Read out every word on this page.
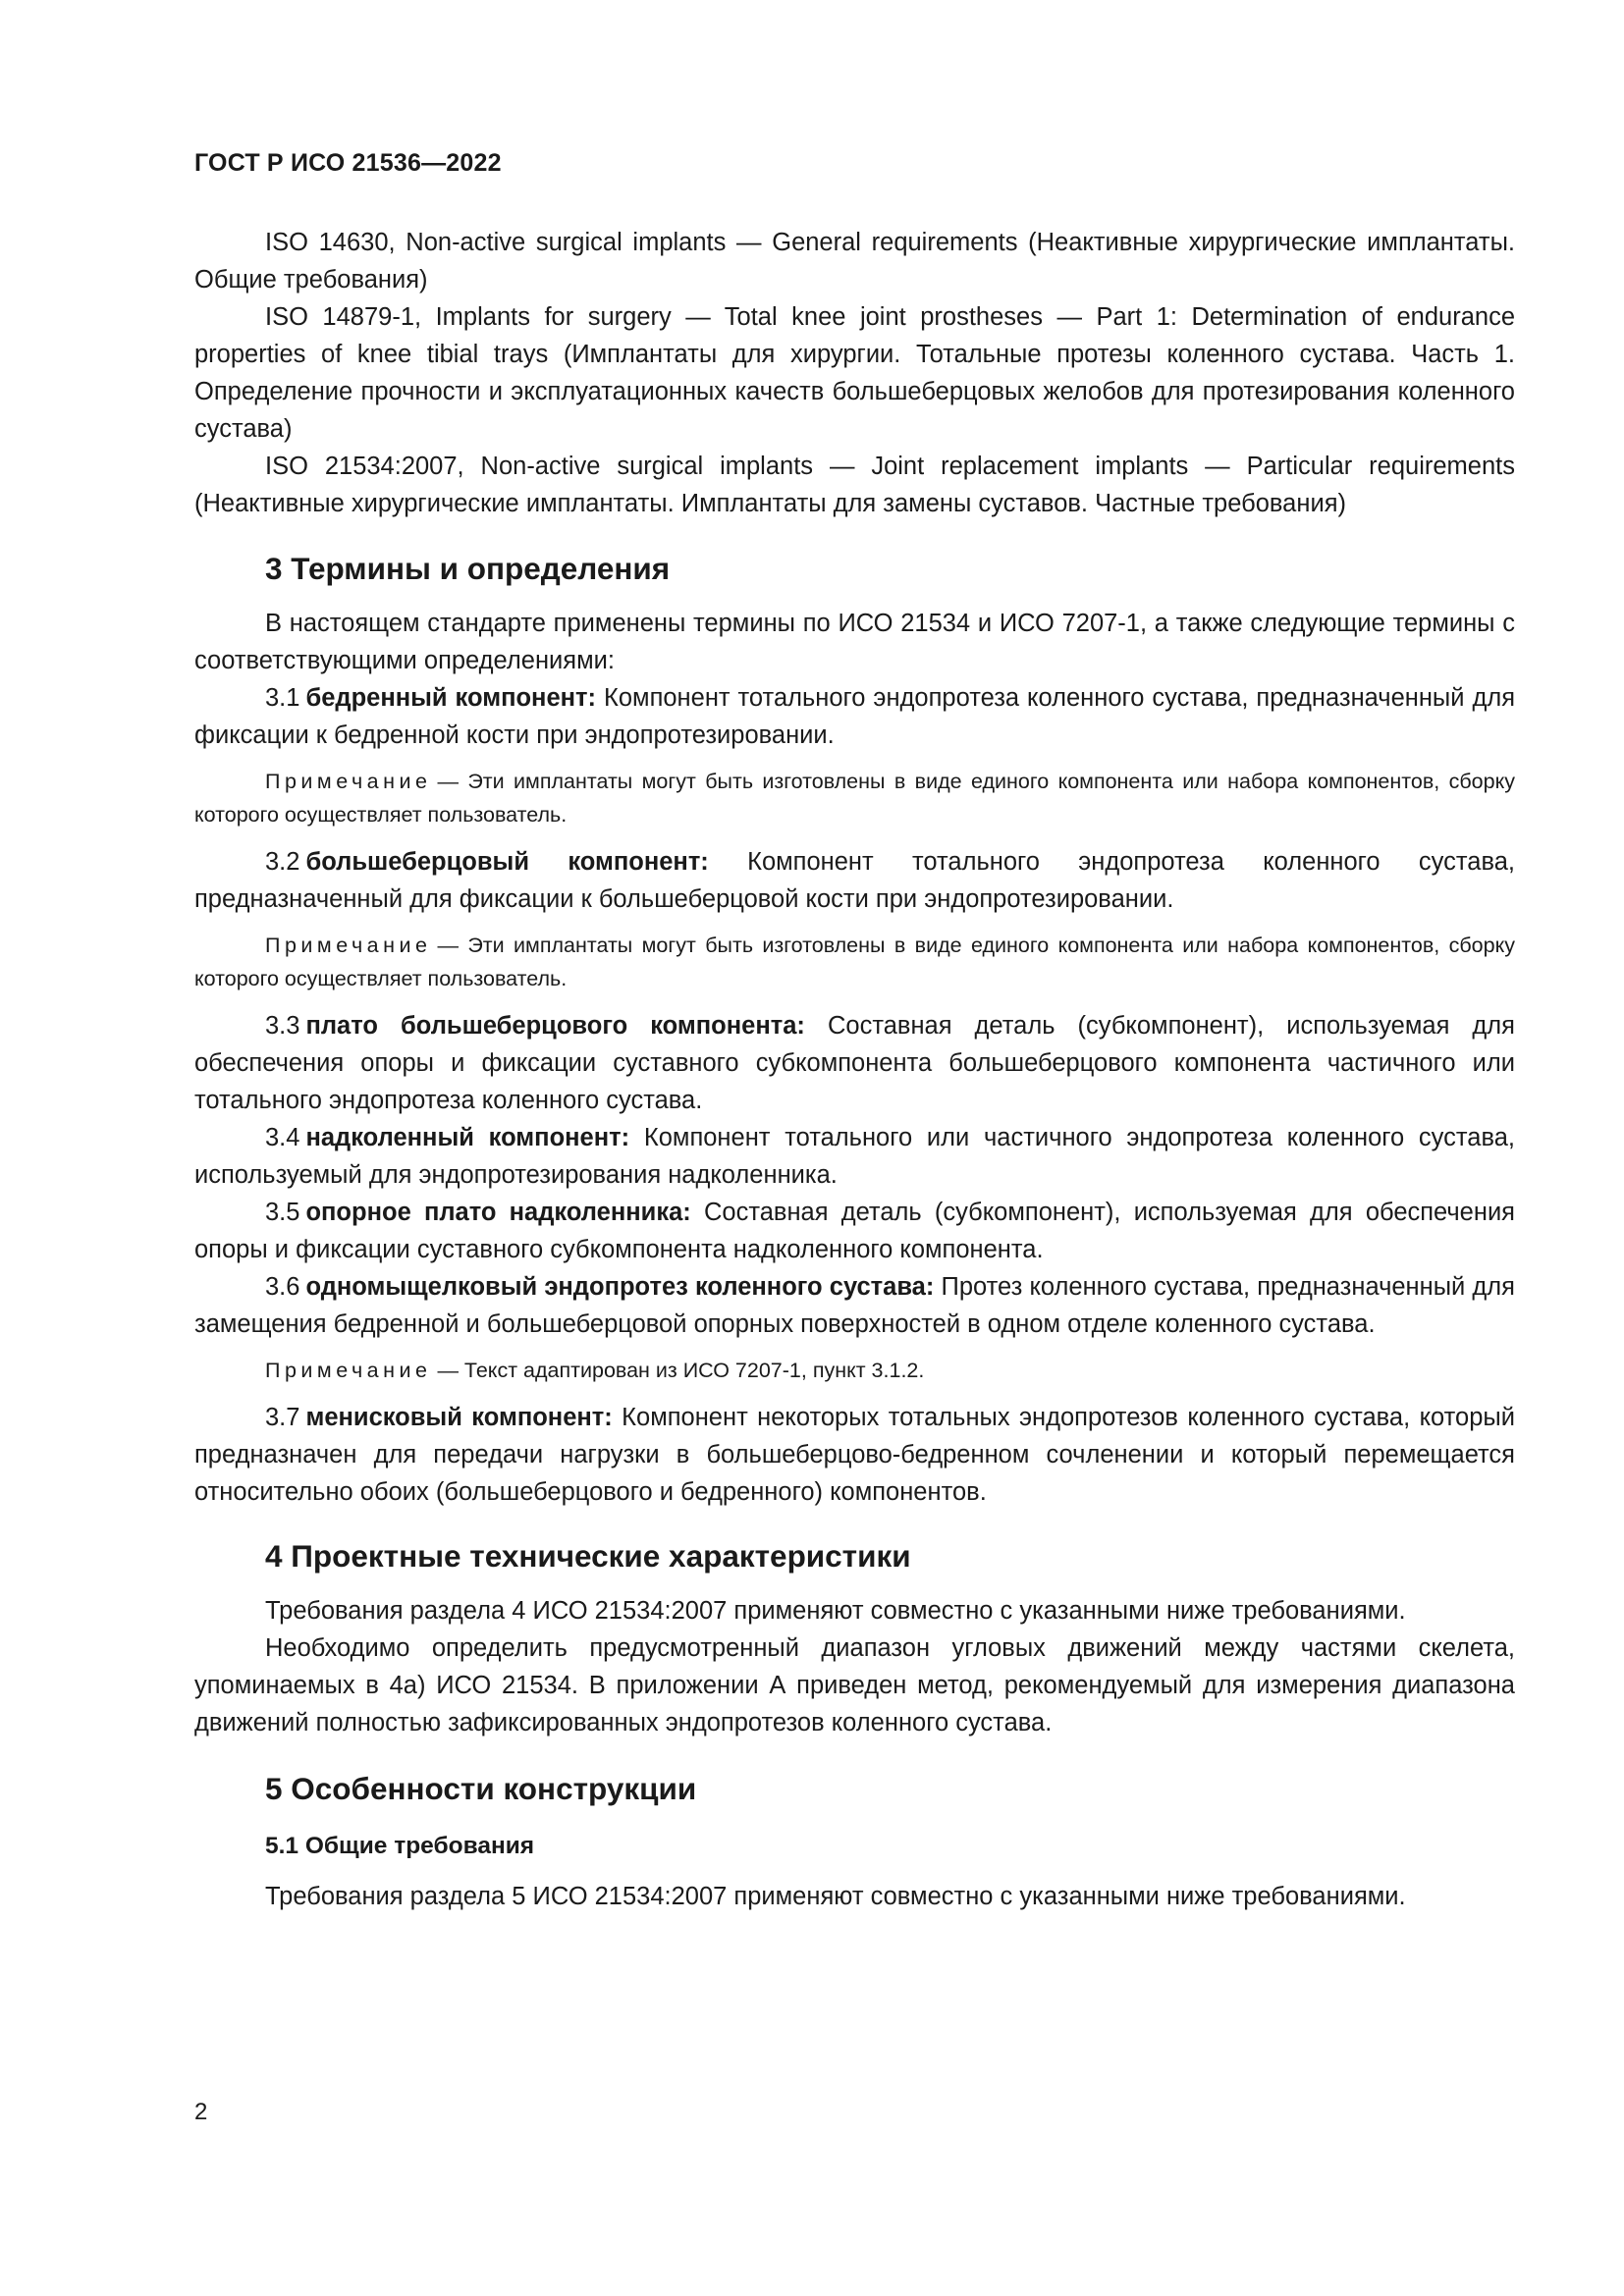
ГОСТ Р ИСО 21536—2022

ISO 14630, Non-active surgical implants — General requirements (Неактивные хирургические имплантаты. Общие требования)

ISO 14879-1, Implants for surgery — Total knee joint prostheses — Part 1: Determination of endurance properties of knee tibial trays (Имплантаты для хирургии. Тотальные протезы коленного сустава. Часть 1. Определение прочности и эксплуатационных качеств большеберцовых желобов для протезирования коленного сустава)

ISO 21534:2007, Non-active surgical implants — Joint replacement implants — Particular requirements (Неактивные хирургические имплантаты. Имплантаты для замены суставов. Частные требования)

3 Термины и определения

В настоящем стандарте применены термины по ИСО 21534 и ИСО 7207-1, а также следующие термины с соответствующими определениями:

3.1 бедренный компонент: Компонент тотального эндопротеза коленного сустава, предназначенный для фиксации к бедренной кости при эндопротезировании.

Примечание — Эти имплантаты могут быть изготовлены в виде единого компонента или набора компонентов, сборку которого осуществляет пользователь.

3.2 большеберцовый компонент: Компонент тотального эндопротеза коленного сустава, предназначенный для фиксации к большеберцовой кости при эндопротезировании.

Примечание — Эти имплантаты могут быть изготовлены в виде единого компонента или набора компонентов, сборку которого осуществляет пользователь.

3.3 плато большеберцового компонента: Составная деталь (субкомпонент), используемая для обеспечения опоры и фиксации суставного субкомпонента большеберцового компонента частичного или тотального эндопротеза коленного сустава.

3.4 надколенный компонент: Компонент тотального или частичного эндопротеза коленного сустава, используемый для эндопротезирования надколенника.

3.5 опорное плато надколенника: Составная деталь (субкомпонент), используемая для обеспечения опоры и фиксации суставного субкомпонента надколенного компонента.

3.6 одномыщелковый эндопротез коленного сустава: Протез коленного сустава, предназначенный для замещения бедренной и большеберцовой опорных поверхностей в одном отделе коленного сустава.

Примечание — Текст адаптирован из ИСО 7207-1, пункт 3.1.2.

3.7 менисковый компонент: Компонент некоторых тотальных эндопротезов коленного сустава, который предназначен для передачи нагрузки в большеберцово-бедренном сочленении и который перемещается относительно обоих (большеберцового и бедренного) компонентов.

4 Проектные технические характеристики

Требования раздела 4 ИСО 21534:2007 применяют совместно с указанными ниже требованиями.

Необходимо определить предусмотренный диапазон угловых движений между частями скелета, упоминаемых в 4а) ИСО 21534. В приложении А приведен метод, рекомендуемый для измерения диапазона движений полностью зафиксированных эндопротезов коленного сустава.

5 Особенности конструкции
5.1 Общие требования

Требования раздела 5 ИСО 21534:2007 применяют совместно с указанными ниже требованиями.

2
